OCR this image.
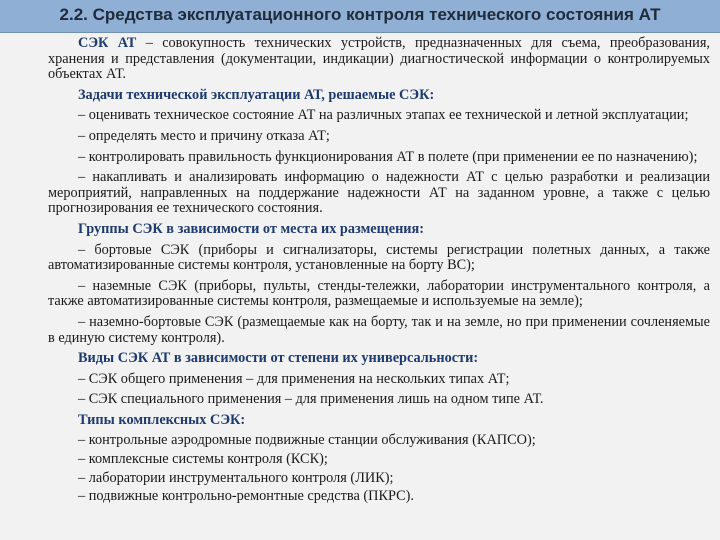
2.2. Средства эксплуатационного контроля технического состояния АТ

СЭК АТ – совокупность технических устройств, предназначенных для съема, преобразования, хранения и представления (документации, индикации) диагностической информации о контролируемых объектах АТ.

Задачи технической эксплуатации АТ, решаемые СЭК:

– оценивать техническое состояние АТ на различных этапах ее технической и летной эксплуатации;

– определять место и причину отказа АТ;

– контролировать правильность функционирования АТ в полете (при применении ее по назначению);

– накапливать и анализировать информацию о надежности АТ с целью разработки и реализации мероприятий, направленных на поддержание надежности АТ на заданном уровне, а также с целью прогнозирования ее технического состояния.

Группы СЭК в зависимости от места их размещения:

– бортовые СЭК (приборы и сигнализаторы, системы регистрации полетных данных, а также автоматизированные системы контроля, установленные на борту ВС);

– наземные СЭК (приборы, пульты, стенды-тележки, лаборатории инструментального контроля, а также автоматизированные системы контроля, размещаемые и используемые на земле);

– наземно-бортовые СЭК (размещаемые как на борту, так и на земле, но при применении сочленяемые в единую систему контроля).

Виды СЭК АТ в зависимости от степени их универсальности:

– СЭК общего применения – для применения на нескольких типах АТ;

– СЭК специального применения – для применения лишь на одном типе АТ.

Типы комплексных СЭК:

– контрольные аэродромные подвижные станции обслуживания (КАПСО);

– комплексные системы контроля (КСК);

– лаборатории инструментального контроля (ЛИК);

– подвижные контрольно-ремонтные средства (ПКРС).
